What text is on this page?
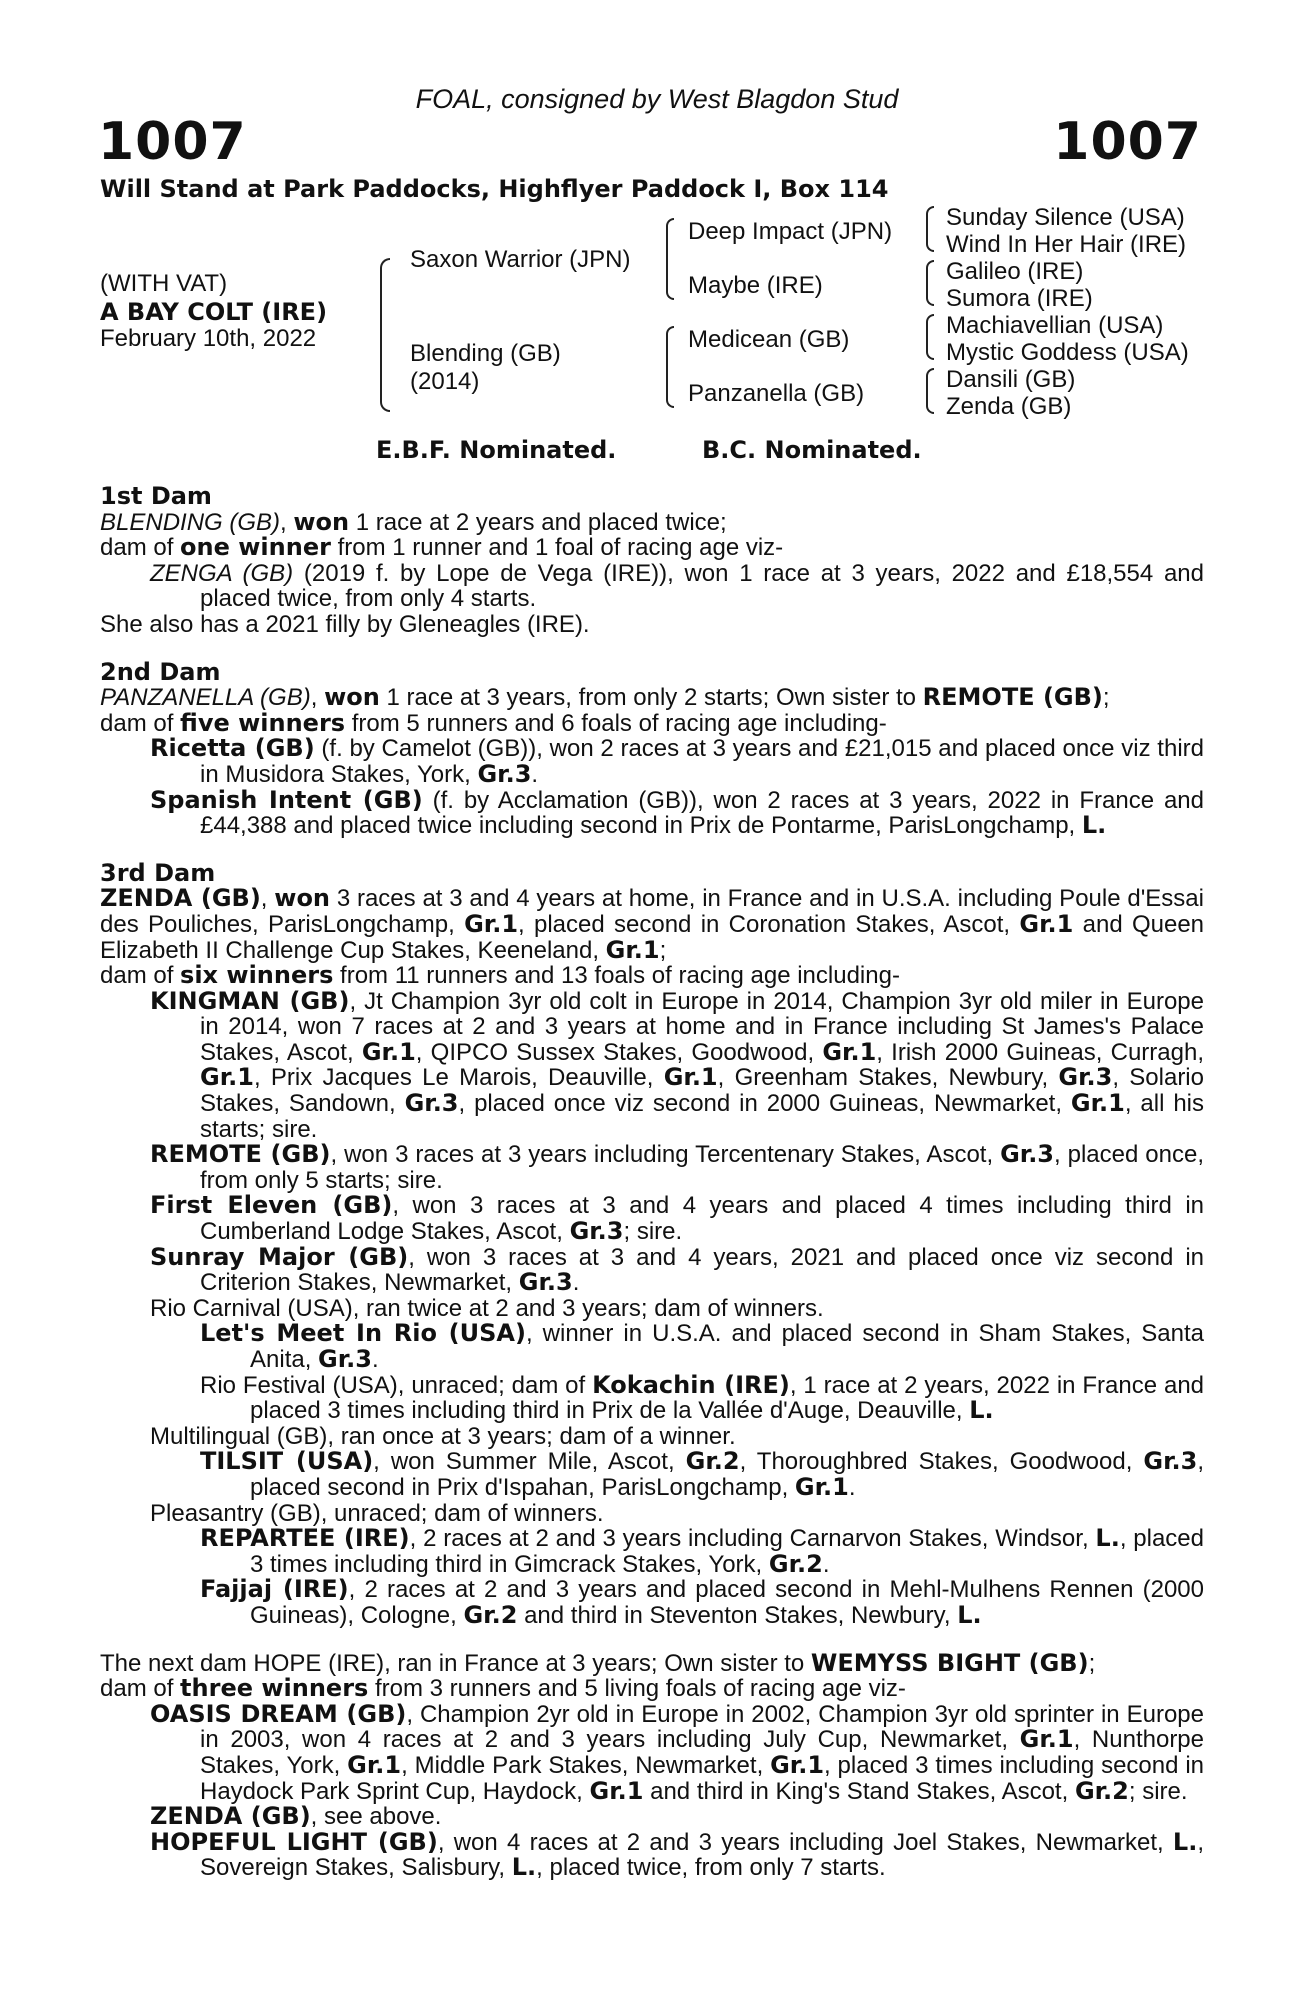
FOAL, consigned by West Blagdon Stud
1007	1007
Will Stand at Park Paddocks, Highflyer Paddock I, Box 114
(WITH VAT)
A BAY COLT (IRE)
February 10th, 2022
Saxon Warrior (JPN)
Blending (GB)
(2014)
Deep Impact (JPN)
Maybe (IRE)
Medicean (GB)
Panzanella (GB)
Sunday Silence (USA)
Wind In Her Hair (IRE)
Galileo (IRE)
Sumora (IRE)
Machiavellian (USA)
Mystic Goddess (USA)
Dansili (GB)
Zenda (GB)
E.B.F. Nominated.	B.C. Nominated.
1st Dam
BLENDING (GB), won 1 race at 2 years and placed twice;
dam of one winner from 1 runner and 1 foal of racing age viz-
ZENGA (GB) (2019 f. by Lope de Vega (IRE)), won 1 race at 3 years, 2022 and £18,554 and placed twice, from only 4 starts.
She also has a 2021 filly by Gleneagles (IRE).
2nd Dam
PANZANELLA (GB), won 1 race at 3 years, from only 2 starts; Own sister to REMOTE (GB);
dam of five winners from 5 runners and 6 foals of racing age including-
Ricetta (GB) (f. by Camelot (GB)), won 2 races at 3 years and £21,015 and placed once viz third in Musidora Stakes, York, Gr.3.
Spanish Intent (GB) (f. by Acclamation (GB)), won 2 races at 3 years, 2022 in France and £44,388 and placed twice including second in Prix de Pontarme, ParisLongchamp, L.
3rd Dam
ZENDA (GB), won 3 races at 3 and 4 years at home, in France and in U.S.A. including Poule d'Essai des Pouliches, ParisLongchamp, Gr.1, placed second in Coronation Stakes, Ascot, Gr.1 and Queen Elizabeth II Challenge Cup Stakes, Keeneland, Gr.1;
dam of six winners from 11 runners and 13 foals of racing age including-
KINGMAN (GB), Jt Champion 3yr old colt in Europe in 2014, Champion 3yr old miler in Europe in 2014, won 7 races at 2 and 3 years at home and in France including St James's Palace Stakes, Ascot, Gr.1, QIPCO Sussex Stakes, Goodwood, Gr.1, Irish 2000 Guineas, Curragh, Gr.1, Prix Jacques Le Marois, Deauville, Gr.1, Greenham Stakes, Newbury, Gr.3, Solario Stakes, Sandown, Gr.3, placed once viz second in 2000 Guineas, Newmarket, Gr.1, all his starts; sire.
REMOTE (GB), won 3 races at 3 years including Tercentenary Stakes, Ascot, Gr.3, placed once, from only 5 starts; sire.
First Eleven (GB), won 3 races at 3 and 4 years and placed 4 times including third in Cumberland Lodge Stakes, Ascot, Gr.3; sire.
Sunray Major (GB), won 3 races at 3 and 4 years, 2021 and placed once viz second in Criterion Stakes, Newmarket, Gr.3.
Rio Carnival (USA), ran twice at 2 and 3 years; dam of winners.
Let's Meet In Rio (USA), winner in U.S.A. and placed second in Sham Stakes, Santa Anita, Gr.3.
Rio Festival (USA), unraced; dam of Kokachin (IRE), 1 race at 2 years, 2022 in France and placed 3 times including third in Prix de la Vallée d'Auge, Deauville, L.
Multilingual (GB), ran once at 3 years; dam of a winner.
TILSIT (USA), won Summer Mile, Ascot, Gr.2, Thoroughbred Stakes, Goodwood, Gr.3, placed second in Prix d'Ispahan, ParisLongchamp, Gr.1.
Pleasantry (GB), unraced; dam of winners.
REPARTEE (IRE), 2 races at 2 and 3 years including Carnarvon Stakes, Windsor, L., placed 3 times including third in Gimcrack Stakes, York, Gr.2.
Fajjaj (IRE), 2 races at 2 and 3 years and placed second in Mehl-Mulhens Rennen (2000 Guineas), Cologne, Gr.2 and third in Steventon Stakes, Newbury, L.
The next dam HOPE (IRE), ran in France at 3 years; Own sister to WEMYSS BIGHT (GB);
dam of three winners from 3 runners and 5 living foals of racing age viz-
OASIS DREAM (GB), Champion 2yr old in Europe in 2002, Champion 3yr old sprinter in Europe in 2003, won 4 races at 2 and 3 years including July Cup, Newmarket, Gr.1, Nunthorpe Stakes, York, Gr.1, Middle Park Stakes, Newmarket, Gr.1, placed 3 times including second in Haydock Park Sprint Cup, Haydock, Gr.1 and third in King's Stand Stakes, Ascot, Gr.2; sire.
ZENDA (GB), see above.
HOPEFUL LIGHT (GB), won 4 races at 2 and 3 years including Joel Stakes, Newmarket, L., Sovereign Stakes, Salisbury, L., placed twice, from only 7 starts.
